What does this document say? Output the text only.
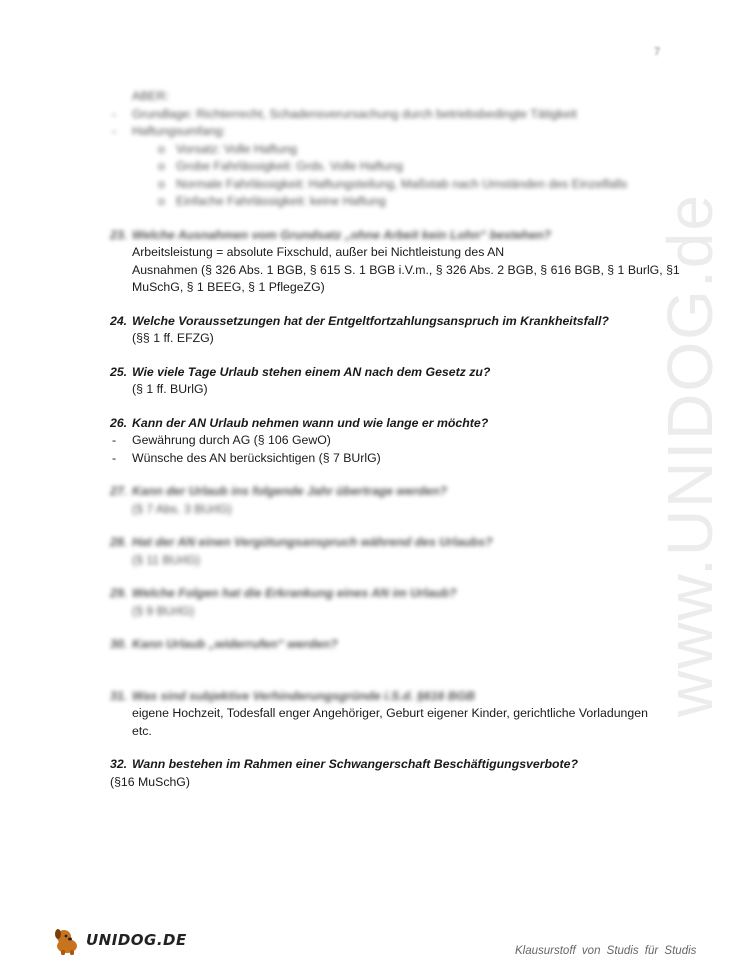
7
www.UNIDOG.de
ABER:
- Grundlage: Richterrecht, Schadensverursachung durch betriebsbedingte Tätigkeit
- Haftungsumfang:
o Vorsatz: Volle Haftung
o Grobe Fahrlässigkeit: Grds. Volle Haftung
o Normale Fahrlässigkeit: Haftungsteilung, Maßstab nach Umständen des Einzelfalls
o Einfache Fahrlässigkeit: keine Haftung
23. Welche Ausnahmen vom Grundsatz „ohne Arbeit kein Lohn“ bestehen?
Arbeitsleistung = absolute Fixschuld, außer bei Nichtleistung des AN
Ausnahmen (§ 326 Abs. 1 BGB, § 615 S. 1 BGB i.V.m., § 326 Abs. 2 BGB, § 616 BGB, § 1 BurlG, §1
MuSchG, § 1 BEEG, § 1 PflegeZG)
24. Welche Voraussetzungen hat der Entgeltfortzahlungsanspruch im Krankheitsfall?
(§§ 1 ff. EFZG)
25. Wie viele Tage Urlaub stehen einem AN nach dem Gesetz zu?
(§ 1 ff. BUrlG)
26. Kann der AN Urlaub nehmen wann und wie lange er möchte?
- Gewährung durch AG (§ 106 GewO)
- Wünsche des AN berücksichtigen (§ 7 BUrlG)
27. Kann der Urlaub ins folgende Jahr übertrage werden?
(§ 7 Abs. 3 BUrlG)
28. Hat der AN einen Vergütungsanspruch während des Urlaubs?
(§ 11 BUrlG)
29. Welche Folgen hat die Erkrankung eines AN im Urlaub?
(§ 9 BUrlG)
30. Kann Urlaub „widerrufen“ werden?
31. Was sind subjektive Verhinderungsgründe i.S.d. §616 BGB
eigene Hochzeit, Todesfall enger Angehöriger, Geburt eigener Kinder, gerichtliche Vorladungen
etc.
32. Wann bestehen im Rahmen einer Schwangerschaft Beschäftigungsverbote?
(§16 MuSchG)
UNIDOG.DE
Klausurstoff von Studis für Studis
